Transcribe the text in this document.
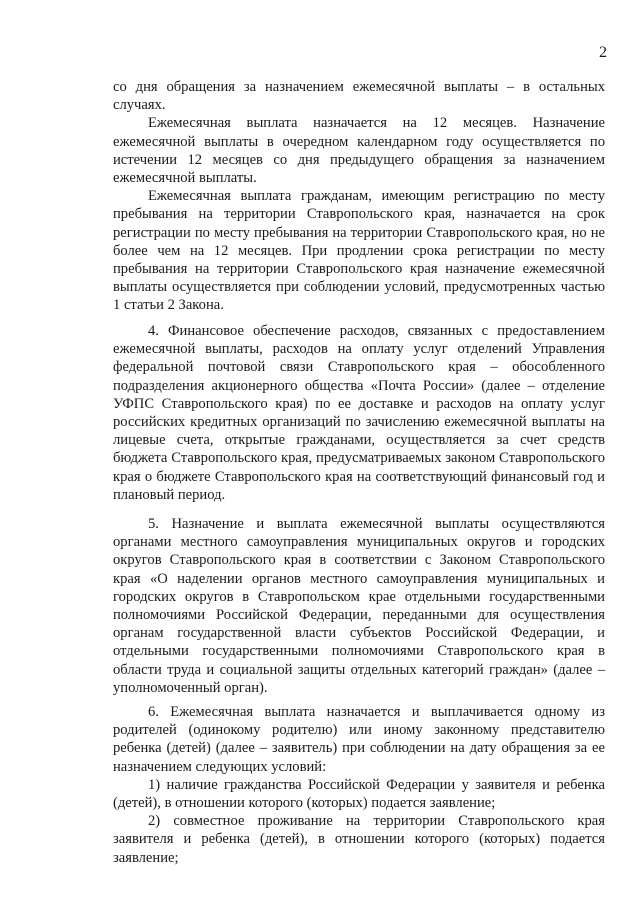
2

со дня обращения за назначением ежемесячной выплаты – в остальных случаях.

Ежемесячная выплата назначается на 12 месяцев. Назначение ежемесячной выплаты в очередном календарном году осуществляется по истечении 12 месяцев со дня предыдущего обращения за назначением ежемесячной выплаты.

Ежемесячная выплата гражданам, имеющим регистрацию по месту пребывания на территории Ставропольского края, назначается на срок регистрации по месту пребывания на территории Ставропольского края, но не более чем на 12 месяцев. При продлении срока регистрации по месту пребывания на территории Ставропольского края назначение ежемесячной выплаты осуществляется при соблюдении условий, предусмотренных частью 1 статьи 2 Закона.

4. Финансовое обеспечение расходов, связанных с предоставлением ежемесячной выплаты, расходов на оплату услуг отделений Управления федеральной почтовой связи Ставропольского края – обособленного подразделения акционерного общества «Почта России» (далее – отделение УФПС Ставропольского края) по ее доставке и расходов на оплату услуг российских кредитных организаций по зачислению ежемесячной выплаты на лицевые счета, открытые гражданами, осуществляется за счет средств бюджета Ставропольского края, предусматриваемых законом Ставропольского края о бюджете Ставропольского края на соответствующий финансовый год и плановый период.

5. Назначение и выплата ежемесячной выплаты осуществляются органами местного самоуправления муниципальных округов и городских округов Ставропольского края в соответствии с Законом Ставропольского края «О наделении органов местного самоуправления муниципальных и городских округов в Ставропольском крае отдельными государственными полномочиями Российской Федерации, переданными для осуществления органам государственной власти субъектов Российской Федерации, и отдельными государственными полномочиями Ставропольского края в области труда и социальной защиты отдельных категорий граждан» (далее – уполномоченный орган).

6. Ежемесячная выплата назначается и выплачивается одному из родителей (одинокому родителю) или иному законному представителю ребенка (детей) (далее – заявитель) при соблюдении на дату обращения за ее назначением следующих условий:

1) наличие гражданства Российской Федерации у заявителя и ребенка (детей), в отношении которого (которых) подается заявление;

2) совместное проживание на территории Ставропольского края заявителя и ребенка (детей), в отношении которого (которых) подается заявление;
